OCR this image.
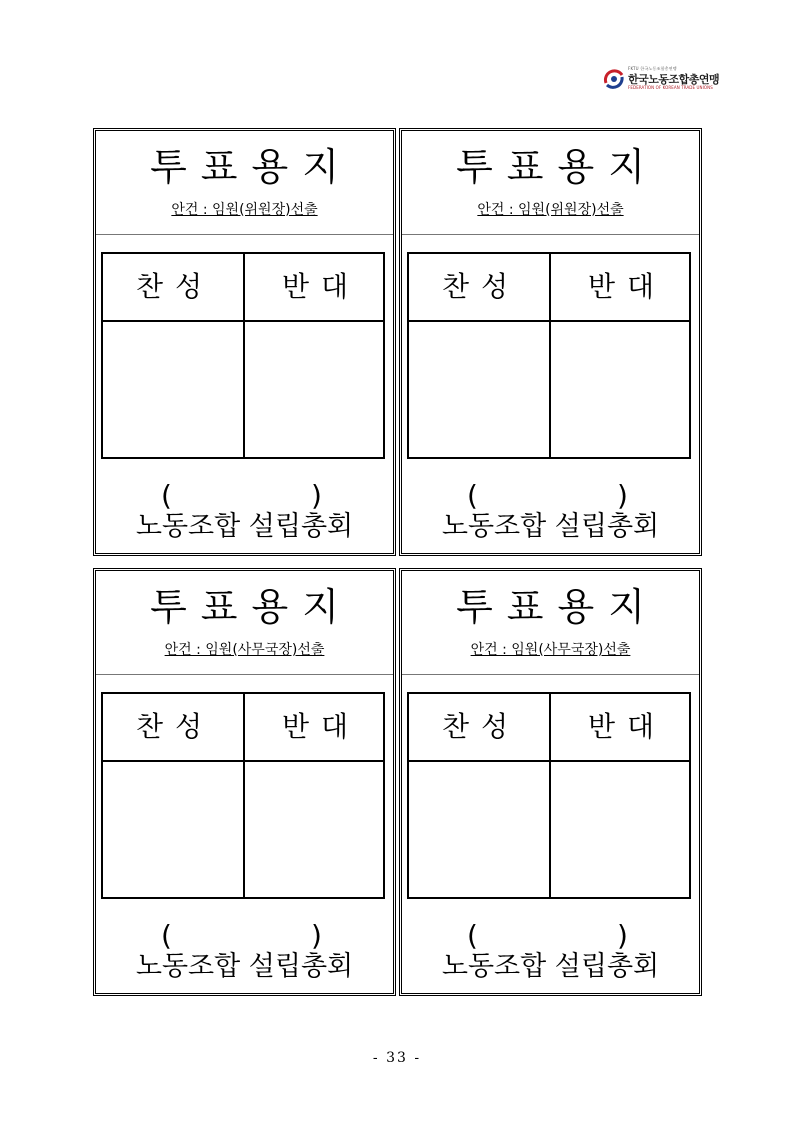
FKTU 한국노동조합총연맹
한국노동조합총연맹
FEDERATION OF KOREAN TRADE UNIONS
투표용지
안건 : 임원(위원장)선출
찬성	반대
(	)
노동조합 설립총회
투표용지
안건 : 임원(위원장)선출
찬성	반대
(	)
노동조합 설립총회
투표용지
안건 : 임원(사무국장)선출
찬성	반대
(	)
노동조합 설립총회
투표용지
안건 : 임원(사무국장)선출
찬성	반대
(	)
노동조합 설립총회
- 33 -
